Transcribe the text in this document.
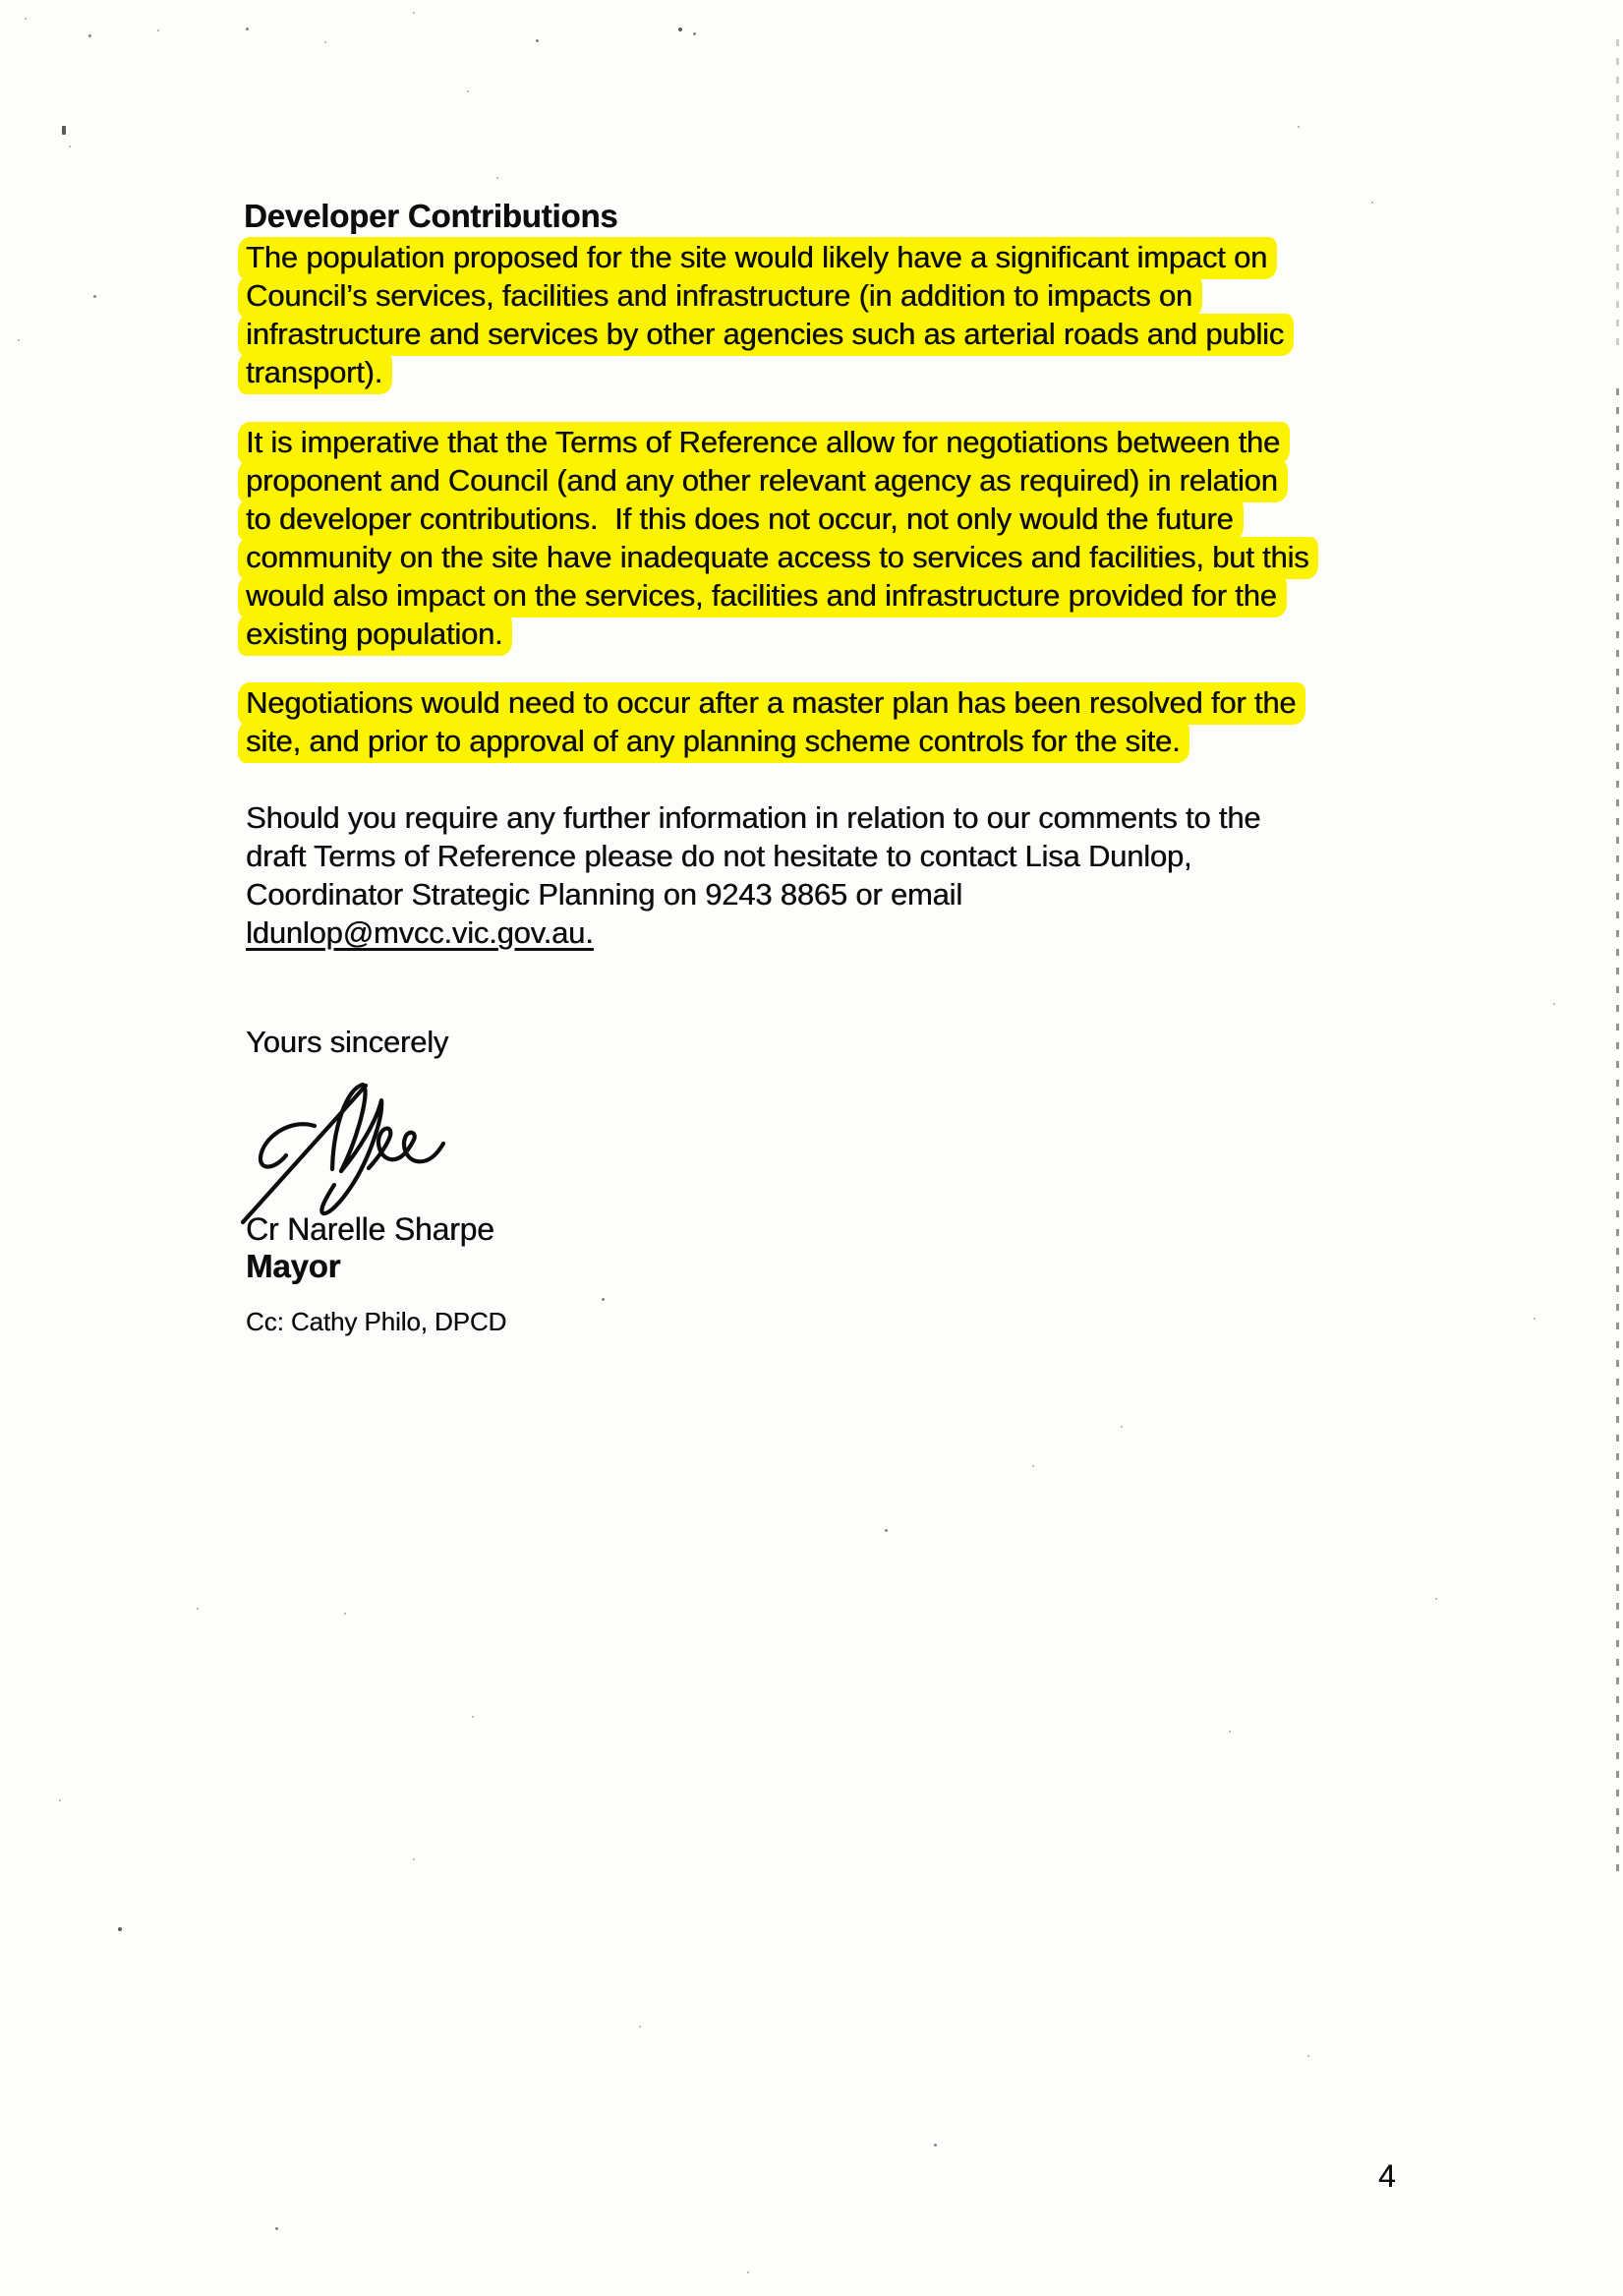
Developer Contributions
The population proposed for the site would likely have a significant impact on
Council’s services, facilities and infrastructure (in addition to impacts on
infrastructure and services by other agencies such as arterial roads and public
transport).
It is imperative that the Terms of Reference allow for negotiations between the
proponent and Council (and any other relevant agency as required) in relation
to developer contributions.  If this does not occur, not only would the future
community on the site have inadequate access to services and facilities, but this
would also impact on the services, facilities and infrastructure provided for the
existing population.
Negotiations would need to occur after a master plan has been resolved for the
site, and prior to approval of any planning scheme controls for the site.
Should you require any further information in relation to our comments to the
draft Terms of Reference please do not hesitate to contact Lisa Dunlop,
Coordinator Strategic Planning on 9243 8865 or email
ldunlop@mvcc.vic.gov.au.
Yours sincerely
Cr Narelle Sharpe
Mayor
Cc: Cathy Philo, DPCD
4
